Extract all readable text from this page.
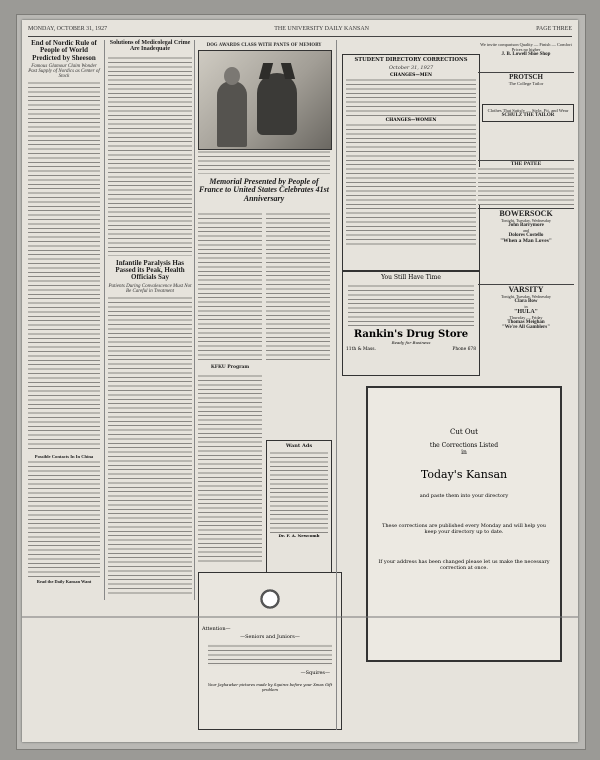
MONDAY, OCTOBER 31, 1927	THE UNIVERSITY DAILY KANSAN	PAGE THREE
End of Nordic Rule of People of World Predicted by Sheeson
Famous Glamour Claim Wonder Past Supply of Nordics as Center of Stock
Possible Contacts In In China
Read the Daily Kansan Want
Solutions of Medicolegal Crime Are Inadequate
Infantile Paralysis Has Passed its Peak, Health Officials Say
Patients During Convalescence Must Not Be Careful in Treatment
DOG AWARDS CLASS WITH PANTS OF MEMORY
Memorial Presented by People of France to United States Celebrates 41st Anniversary
KFKU Program
Want Ads
Dr. F. A. Newcomb
Attention—
—Seniors and Juniors—
—Squires—
Your Jayhawker pictures made by Squires before your Xmas Gift problem
STUDENT DIRECTORY CORRECTIONS
October 31, 1927
CHANGES—MEN
CHANGES—WOMEN
You Still Have Time
Rankin's Drug Store
Ready for Business
11th & Mass.	Phone 678

Cut Out

the Corrections Listed

in

Today's Kansan

and paste them into your directory

These corrections are published every Monday and will help you keep your directory up to date.

If your address has been changed please let us make the necessary correction at once.

We invite comparison Quality — Finish — Comfort Prices no higher
J. B. Lowell Shoe Shop
PROTSCH
The College Tailor
Clothes That Satisfy — Style, Fit, and Wear
SCHULZ THE TAILOR
THE PATEE
BOWERSOCK
Tonight, Tuesday, Wednesday
John Barrymore
and
Dolores Costello
"When a Man Loves"
VARSITY
Tonight, Tuesday, Wednesday
Clara Bow
in
"HULA"
Thursday — Friday
Thomas Meighan
"We're All Gamblers"
